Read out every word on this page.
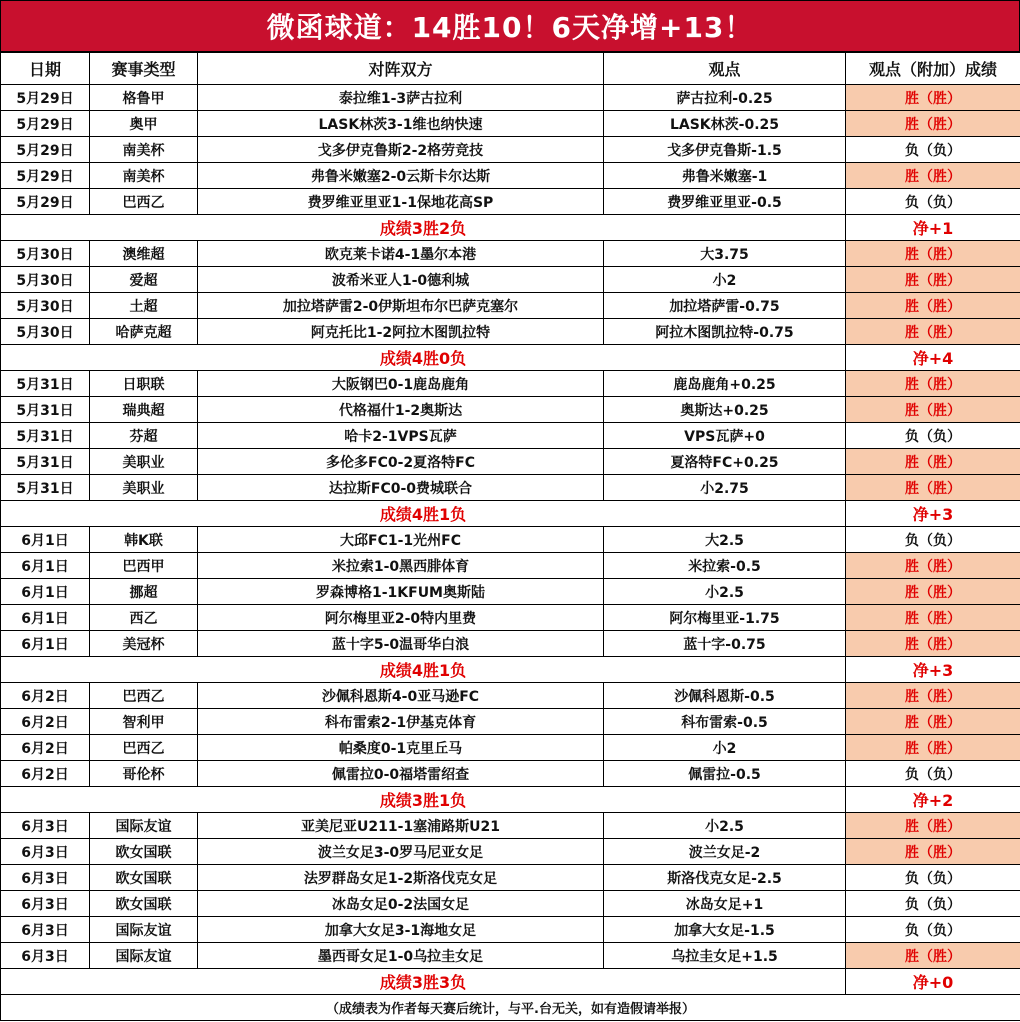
微函球道：14胜10！6天净增+13！
日期	赛事类型	对阵双方	观点	观点（附加）成绩
5月29日	格鲁甲	泰拉维1-3萨古拉利	萨古拉利-0.25	胜（胜）
5月29日	奥甲	LASK林茨3-1维也纳快速	LASK林茨-0.25	胜（胜）
5月29日	南美杯	戈多伊克鲁斯2-2格劳竞技	戈多伊克鲁斯-1.5	负（负）
5月29日	南美杯	弗鲁米嫩塞2-0云斯卡尔达斯	弗鲁米嫩塞-1	胜（胜）
5月29日	巴西乙	费罗维亚里亚1-1保地花高SP	费罗维亚里亚-0.5	负（负）
成绩3胜2负				净+1
5月30日	澳维超	欧克莱卡诺4-1墨尔本港	大3.75	胜（胜）
5月30日	爱超	波希米亚人1-0德利城	小2	胜（胜）
5月30日	土超	加拉塔萨雷2-0伊斯坦布尔巴萨克塞尔	加拉塔萨雷-0.75	胜（胜）
5月30日	哈萨克超	阿克托比1-2阿拉木图凯拉特	阿拉木图凯拉特-0.75	胜（胜）
成绩4胜0负				净+4
5月31日	日职联	大阪钢巴0-1鹿岛鹿角	鹿岛鹿角+0.25	胜（胜）
5月31日	瑞典超	代格福什1-2奥斯达	奥斯达+0.25	胜（胜）
5月31日	芬超	哈卡2-1VPS瓦萨	VPS瓦萨+0	负（负）
5月31日	美职业	多伦多FC0-2夏洛特FC	夏洛特FC+0.25	胜（胜）
5月31日	美职业	达拉斯FC0-0费城联合	小2.75	胜（胜）
成绩4胜1负				净+3
6月1日	韩K联	大邱FC1-1光州FC	大2.5	负（负）
6月1日	巴西甲	米拉索1-0黑西腓体育	米拉索-0.5	胜（胜）
6月1日	挪超	罗森博格1-1KFUM奥斯陆	小2.5	胜（胜）
6月1日	西乙	阿尔梅里亚2-0特内里费	阿尔梅里亚-1.75	胜（胜）
6月1日	美冠杯	蓝十字5-0温哥华白浪	蓝十字-0.75	胜（胜）
成绩4胜1负				净+3
6月2日	巴西乙	沙佩科恩斯4-0亚马逊FC	沙佩科恩斯-0.5	胜（胜）
6月2日	智利甲	科布雷索2-1伊基克体育	科布雷索-0.5	胜（胜）
6月2日	巴西乙	帕桑度0-1克里丘马	小2	胜（胜）
6月2日	哥伦杯	佩雷拉0-0福塔雷绍查	佩雷拉-0.5	负（负）
成绩3胜1负				净+2
6月3日	国际友谊	亚美尼亚U211-1塞浦路斯U21	小2.5	胜（胜）
6月3日	欧女国联	波兰女足3-0罗马尼亚女足	波兰女足-2	胜（胜）
6月3日	欧女国联	法罗群岛女足1-2斯洛伐克女足	斯洛伐克女足-2.5	负（负）
6月3日	欧女国联	冰岛女足0-2法国女足	冰岛女足+1	负（负）
6月3日	国际友谊	加拿大女足3-1海地女足	加拿大女足-1.5	负（负）
6月3日	国际友谊	墨西哥女足1-0乌拉圭女足	乌拉圭女足+1.5	胜（胜）
成绩3胜3负				净+0
（成绩表为作者每天赛后统计，与平.台无关，如有造假请举报）				
